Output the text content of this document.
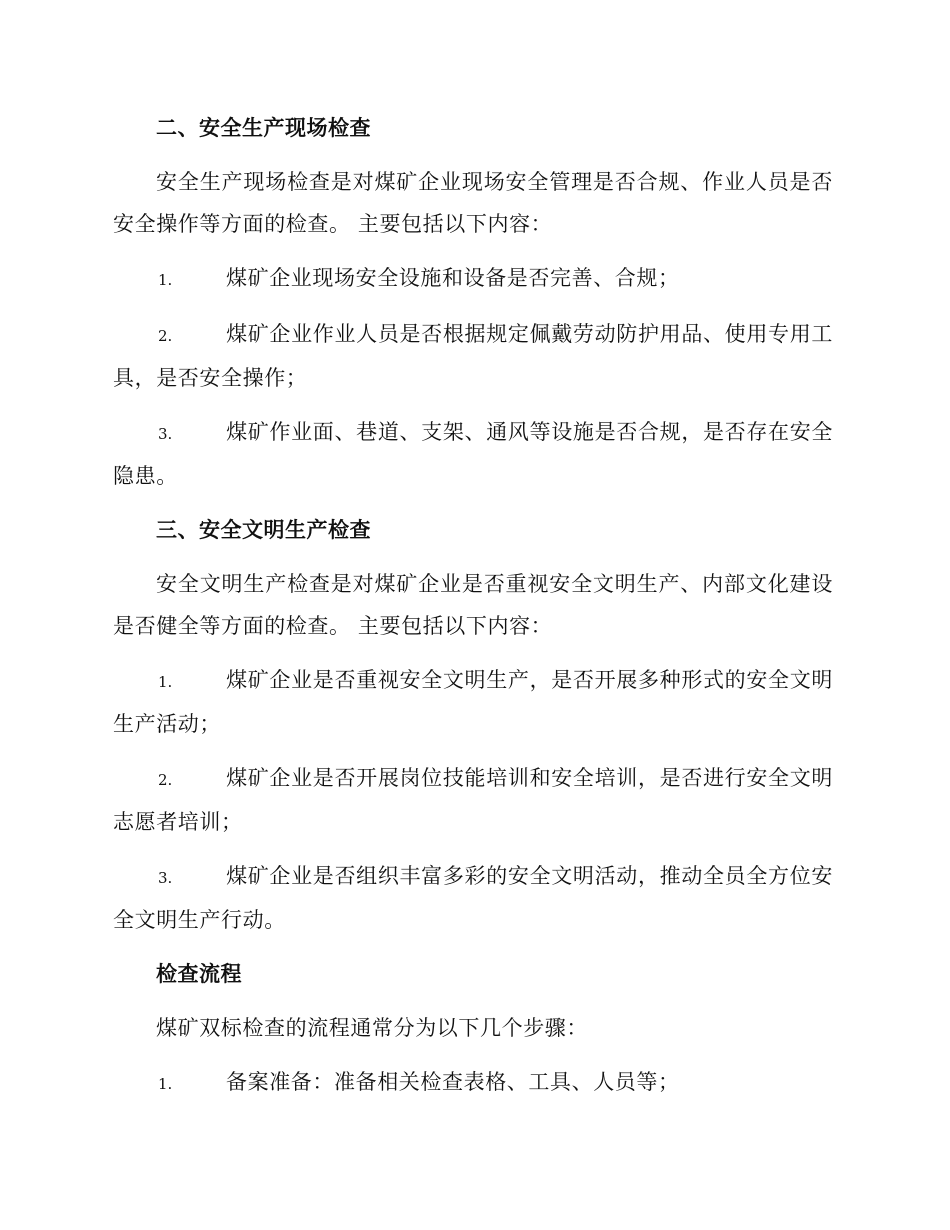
二、安全生产现场检查
安全生产现场检查是对煤矿企业现场安全管理是否合规、作业人员是否安全操作等方面的检查。 主要包括以下内容：
1.	煤矿企业现场安全设施和设备是否完善、合规；
2.	煤矿企业作业人员是否根据规定佩戴劳动防护用品、使用专用工具，是否安全操作；
3.	煤矿作业面、巷道、支架、通风等设施是否合规，是否存在安全隐患。
三、安全文明生产检查
安全文明生产检查是对煤矿企业是否重视安全文明生产、内部文化建设是否健全等方面的检查。 主要包括以下内容：
1.	煤矿企业是否重视安全文明生产，是否开展多种形式的安全文明生产活动；
2.	煤矿企业是否开展岗位技能培训和安全培训，是否进行安全文明志愿者培训；
3.	煤矿企业是否组织丰富多彩的安全文明活动，推动全员全方位安全文明生产行动。
检查流程
煤矿双标检查的流程通常分为以下几个步骤：
1.	备案准备：准备相关检查表格、工具、人员等；
